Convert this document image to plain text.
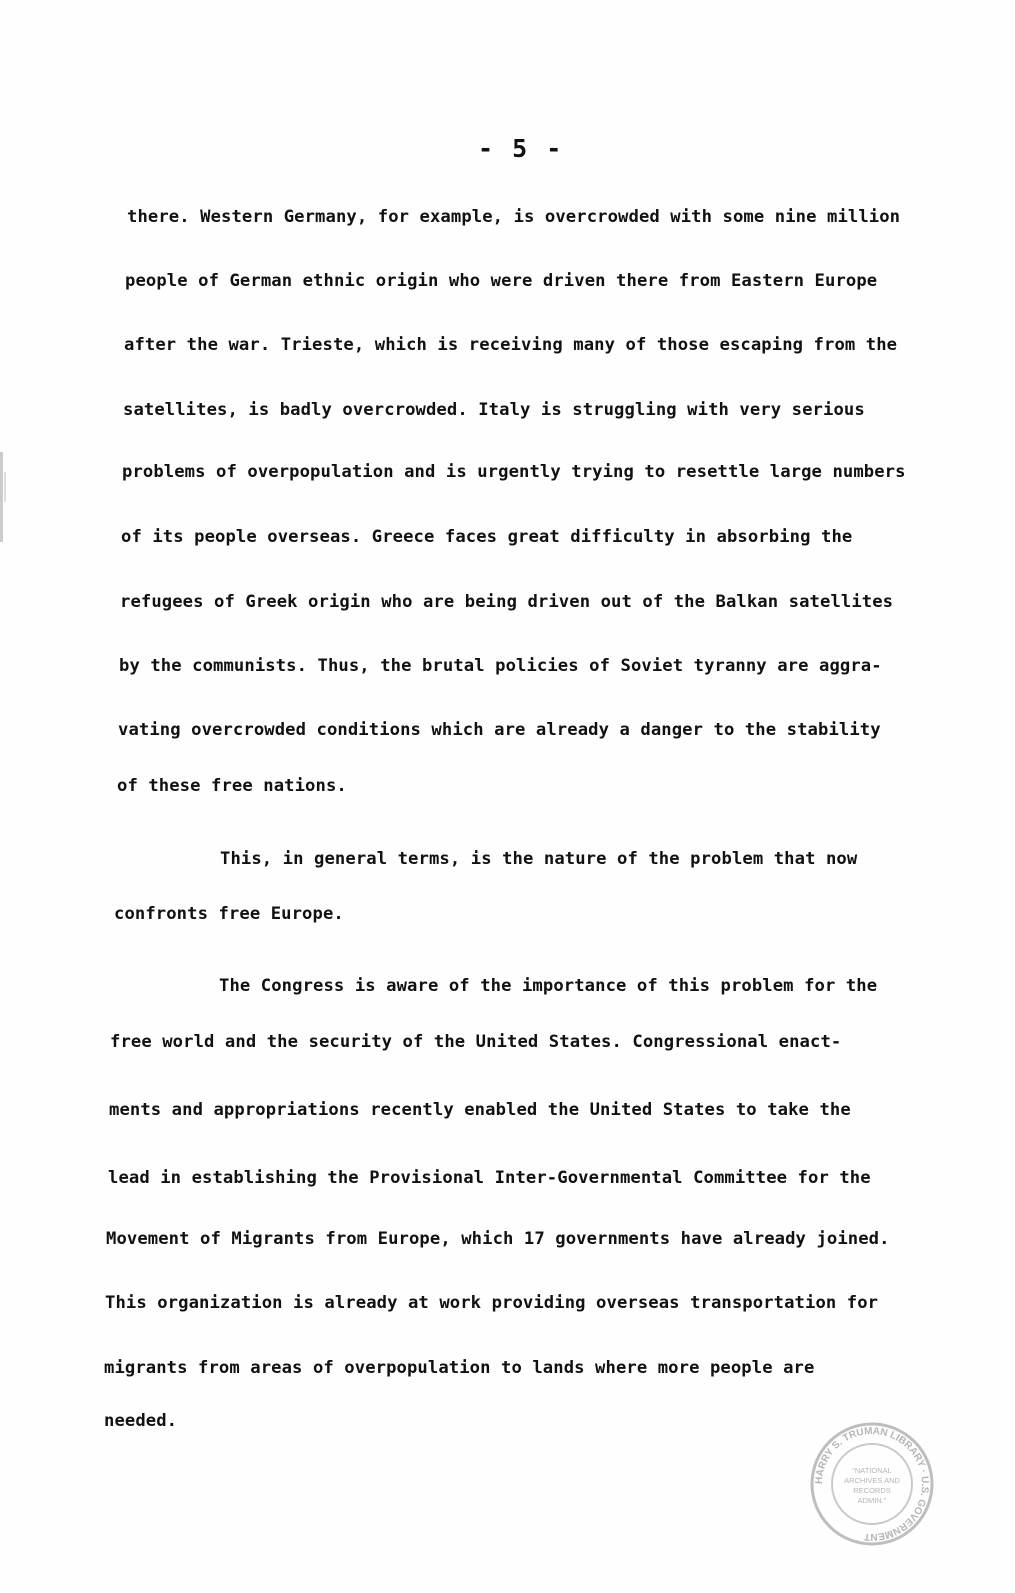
- 5 -
there. Western Germany, for example, is overcrowded with some nine million
people of German ethnic origin who were driven there from Eastern Europe
after the war. Trieste, which is receiving many of those escaping from the
satellites, is badly overcrowded. Italy is struggling with very serious
problems of overpopulation and is urgently trying to resettle large numbers
of its people overseas. Greece faces great difficulty in absorbing the
refugees of Greek origin who are being driven out of the Balkan satellites
by the communists. Thus, the brutal policies of Soviet tyranny are aggra-
vating overcrowded conditions which are already a danger to the stability
of these free nations.
This, in general terms, is the nature of the problem that now
confronts free Europe.
The Congress is aware of the importance of this problem for the
free world and the security of the United States. Congressional enact-
ments and appropriations recently enabled the United States to take the
lead in establishing the Provisional Inter-Governmental Committee for the
Movement of Migrants from Europe, which 17 governments have already joined.
This organization is already at work providing overseas transportation for
migrants from areas of overpopulation to lands where more people are
needed.
HARRY S. TRUMAN LIBRARY · U.S. GOVERNMENT
"NATIONAL
ARCHIVES AND
RECORDS
ADMIN."
